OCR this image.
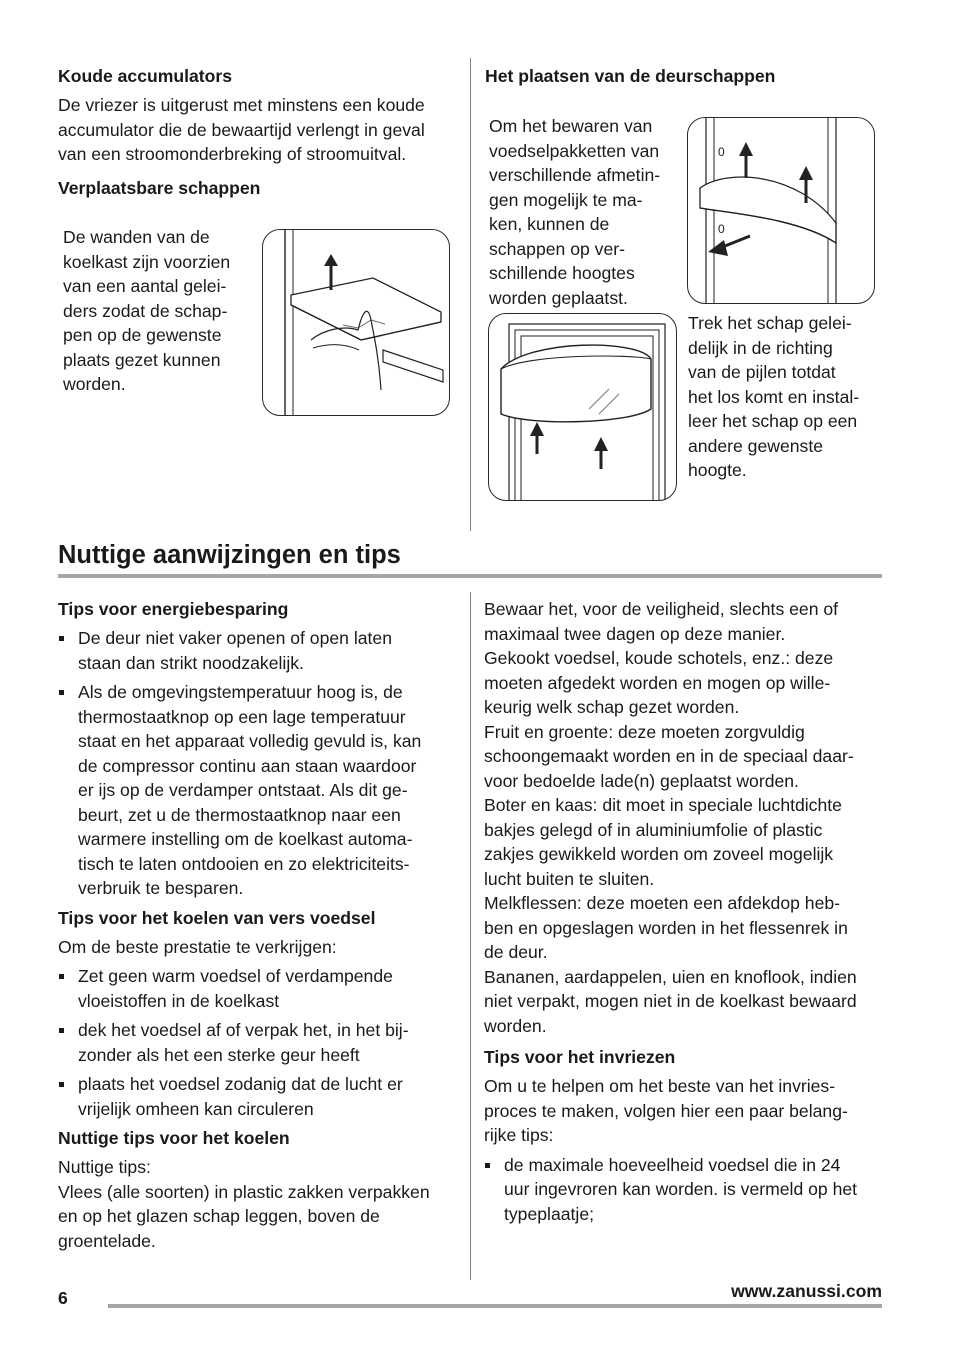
Koude accumulators
De vriezer is uitgerust met minstens een koude
accumulator die de bewaartijd verlengt in geval
van een stroomonderbreking of stroomuitval.
Verplaatsbare schappen
De wanden van de
koelkast zijn voorzien
van een aantal gelei-
ders zodat de schap-
pen op de gewenste
plaats gezet kunnen
worden.
Het plaatsen van de deurschappen
Om het bewaren van
voedselpakketten van
verschillende afmetin-
gen mogelijk te ma-
ken, kunnen de
schappen op ver-
schillende hoogtes
worden geplaatst.
0
0
Trek het schap gelei-
delijk in de richting
van de pijlen totdat
het los komt en instal-
leer het schap op een
andere gewenste
hoogte.
Nuttige aanwijzingen en tips
Tips voor energiebesparing
De deur niet vaker openen of open laten
staan dan strikt noodzakelijk.
Als de omgevingstemperatuur hoog is, de
thermostaatknop op een lage temperatuur
staat en het apparaat volledig gevuld is, kan
de compressor continu aan staan waardoor
er ijs op de verdamper ontstaat. Als dit ge-
beurt, zet u de thermostaatknop naar een
warmere instelling om de koelkast automa-
tisch te laten ontdooien en zo elektriciteits-
verbruik te besparen.
Tips voor het koelen van vers voedsel
Om de beste prestatie te verkrijgen:
Zet geen warm voedsel of verdampende
vloeistoffen in de koelkast
dek het voedsel af of verpak het, in het bij-
zonder als het een sterke geur heeft
plaats het voedsel zodanig dat de lucht er
vrijelijk omheen kan circuleren
Nuttige tips voor het koelen
Nuttige tips:
Vlees (alle soorten) in plastic zakken verpakken
en op het glazen schap leggen, boven de
groentelade.
Bewaar het, voor de veiligheid, slechts een of
maximaal twee dagen op deze manier.
Gekookt voedsel, koude schotels, enz.: deze
moeten afgedekt worden en mogen op wille-
keurig welk schap gezet worden.
Fruit en groente: deze moeten zorgvuldig
schoongemaakt worden en in de speciaal daar-
voor bedoelde lade(n) geplaatst worden.
Boter en kaas: dit moet in speciale luchtdichte
bakjes gelegd of in aluminiumfolie of plastic
zakjes gewikkeld worden om zoveel mogelijk
lucht buiten te sluiten.
Melkflessen: deze moeten een afdekdop heb-
ben en opgeslagen worden in het flessenrek in
de deur.
Bananen, aardappelen, uien en knoflook, indien
niet verpakt, mogen niet in de koelkast bewaard
worden.
Tips voor het invriezen
Om u te helpen om het beste van het invries-
proces te maken, volgen hier een paar belang-
rijke tips:
de maximale hoeveelheid voedsel die in 24
uur ingevroren kan worden. is vermeld op het
typeplaatje;
6	www.zanussi.com
